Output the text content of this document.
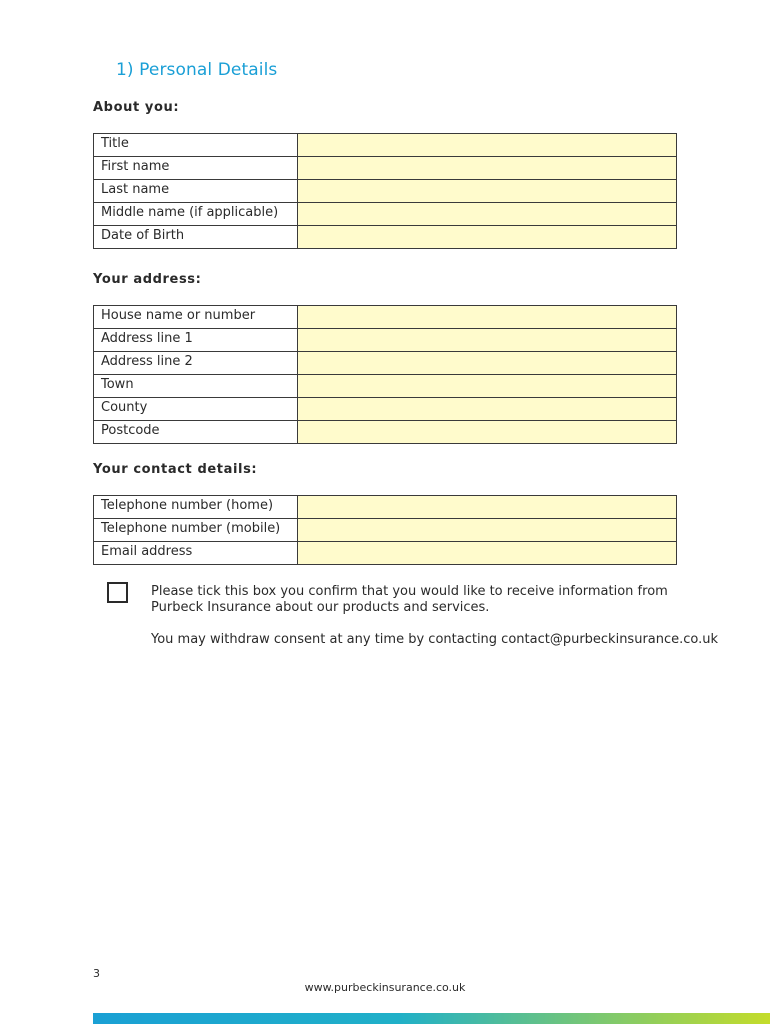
1) Personal Details
About you:
Title	
First name	
Last name	
Middle name (if applicable)	
Date of Birth	
Your address:
House name or number	
Address line 1	
Address line 2	
Town	
County	
Postcode	
Your contact details:
Telephone number (home)	
Telephone number (mobile)	
Email address	

Please tick this box you confirm that you would like to receive information from

Purbeck Insurance about our products and services.

You may withdraw consent at any time by contacting contact@purbeckinsurance.co.uk

3
www.purbeckinsurance.co.uk
